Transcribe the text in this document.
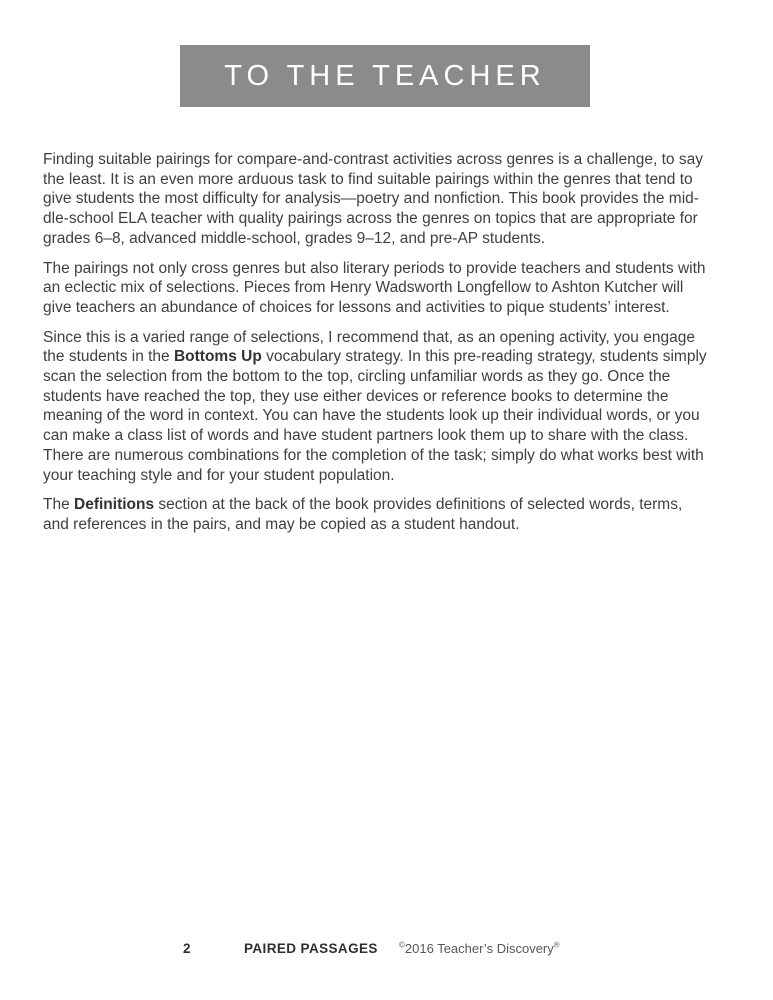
TO THE TEACHER

Finding suitable pairings for compare-and-contrast activities across genres is a challenge, to say
the least. It is an even more arduous task to find suitable pairings within the genres that tend to
give students the most difficulty for analysis—poetry and nonfiction. This book provides the mid-
dle-school ELA teacher with quality pairings across the genres on topics that are appropriate for
grades 6–8, advanced middle-school, grades 9–12, and pre-AP students.

The pairings not only cross genres but also literary periods to provide teachers and students with
an eclectic mix of selections. Pieces from Henry Wadsworth Longfellow to Ashton Kutcher will
give teachers an abundance of choices for lessons and activities to pique students’ interest.

Since this is a varied range of selections, I recommend that, as an opening activity, you engage
the students in the Bottoms Up vocabulary strategy. In this pre-reading strategy, students simply
scan the selection from the bottom to the top, circling unfamiliar words as they go. Once the
students have reached the top, they use either devices or reference books to determine the
meaning of the word in context. You can have the students look up their individual words, or you
can make a class list of words and have student partners look them up to share with the class.
There are numerous combinations for the completion of the task; simply do what works best with
your teaching style and for your student population.

The Definitions section at the back of the book provides definitions of selected words, terms,
and references in the pairs, and may be copied as a student handout.

2	PAIRED PASSAGES	©2016 Teacher’s Discovery®
